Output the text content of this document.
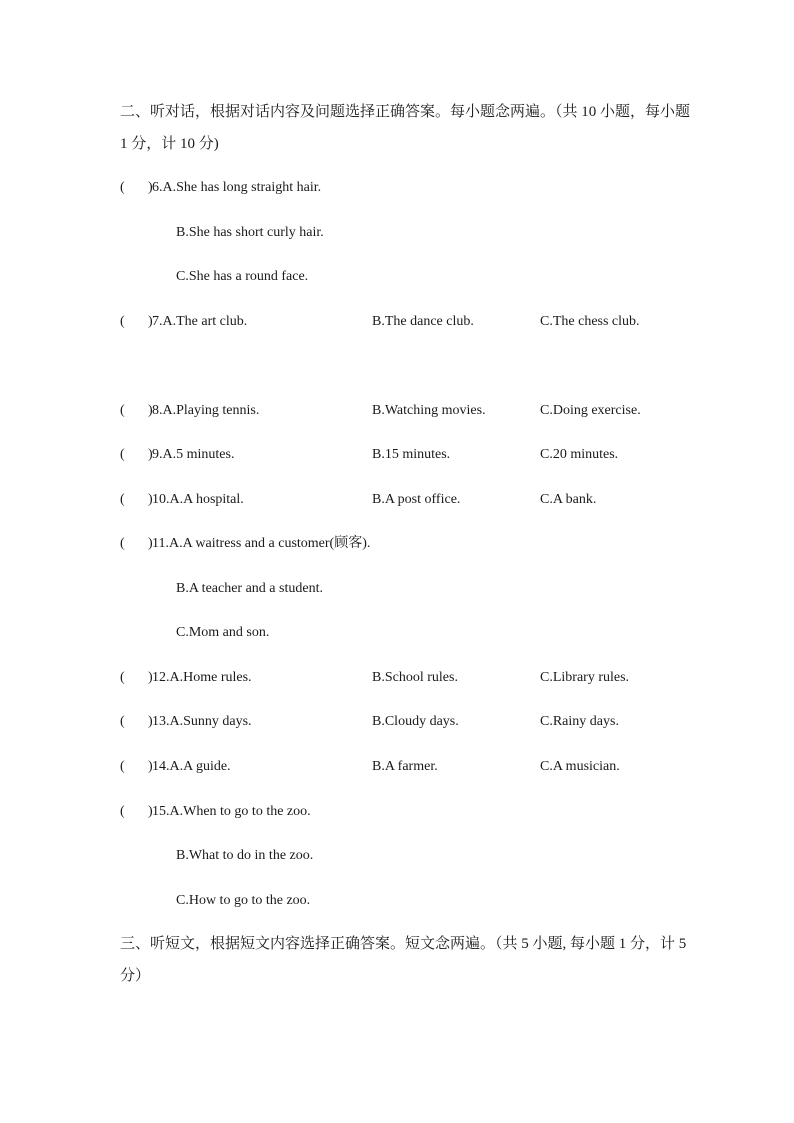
二、听对话，根据对话内容及问题选择正确答案。每小题念两遍。（共 10 小题，每小题 1 分，计 10 分)
( ) 6.A.She has long straight hair.
B.She has short curly hair.
C.She has a round face.
( ) 7.A.The art club.	B.The dance club.	C.The chess club.
( ) 8.A.Playing tennis.	B.Watching movies.	C.Doing exercise.
( ) 9.A.5 minutes.	B.15 minutes.	C.20 minutes.
( ) 10.A.A hospital.	B.A post office.	C.A bank.
( ) 11.A.A waitress and a customer(顾客).
B.A teacher and a student.
C.Mom and son.
( ) 12.A.Home rules.	B.School rules.	C.Library rules.
( ) 13.A.Sunny days.	B.Cloudy days.	C.Rainy days.
( ) 14.A.A guide.	B.A farmer.	C.A musician.
( ) 15.A.When to go to the zoo.
B.What to do in the zoo.
C.How to go to the zoo.
三、听短文，根据短文内容选择正确答案。短文念两遍。（共 5 小题, 每小题 1 分，计 5 分）
